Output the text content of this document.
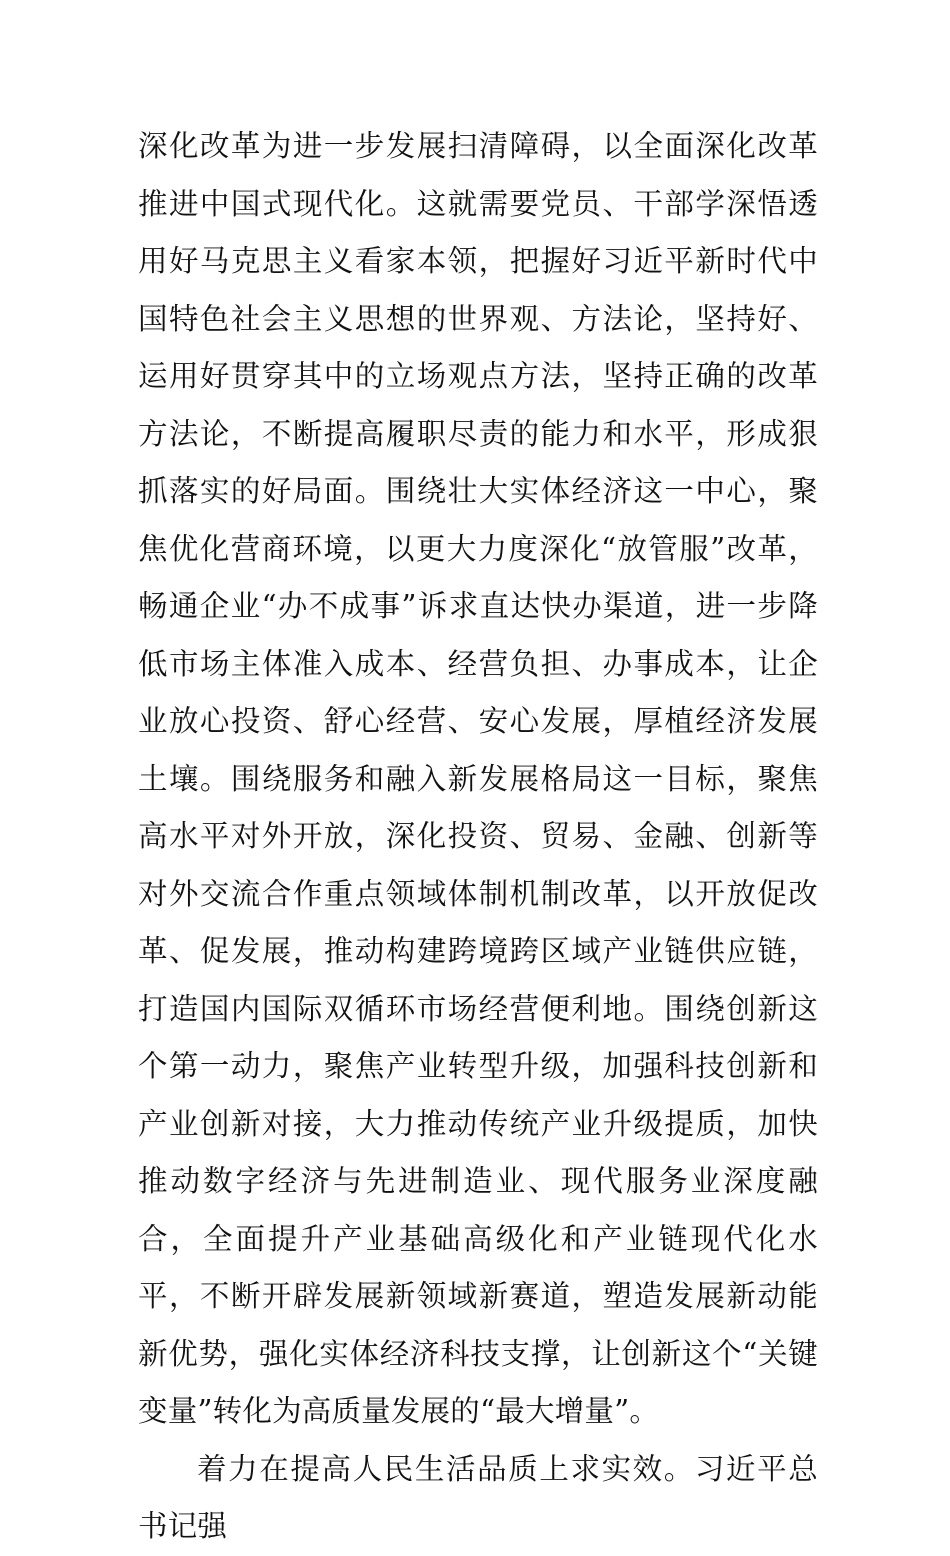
深化改革为进一步发展扫清障碍，以全面深化改革推进中国式现代化。这就需要党员、干部学深悟透用好马克思主义看家本领，把握好习近平新时代中国特色社会主义思想的世界观、方法论，坚持好、运用好贯穿其中的立场观点方法，坚持正确的改革方法论，不断提高履职尽责的能力和水平，形成狠抓落实的好局面。围绕壮大实体经济这一中心，聚焦优化营商环境，以更大力度深化“放管服”改革，畅通企业“办不成事”诉求直达快办渠道，进一步降低市场主体准入成本、经营负担、办事成本，让企业放心投资、舒心经营、安心发展，厚植经济发展土壤。围绕服务和融入新发展格局这一目标，聚焦高水平对外开放，深化投资、贸易、金融、创新等对外交流合作重点领域体制机制改革，以开放促改革、促发展，推动构建跨境跨区域产业链供应链，打造国内国际双循环市场经营便利地。围绕创新这个第一动力，聚焦产业转型升级，加强科技创新和产业创新对接，大力推动传统产业升级提质，加快推动数字经济与先进制造业、现代服务业深度融合，全面提升产业基础高级化和产业链现代化水平，不断开辟发展新领域新赛道，塑造发展新动能新优势，强化实体经济科技支撑，让创新这个“关键变量”转化为高质量发展的“最大增量”。

着力在提高人民生活品质上求实效。习近平总书记强
